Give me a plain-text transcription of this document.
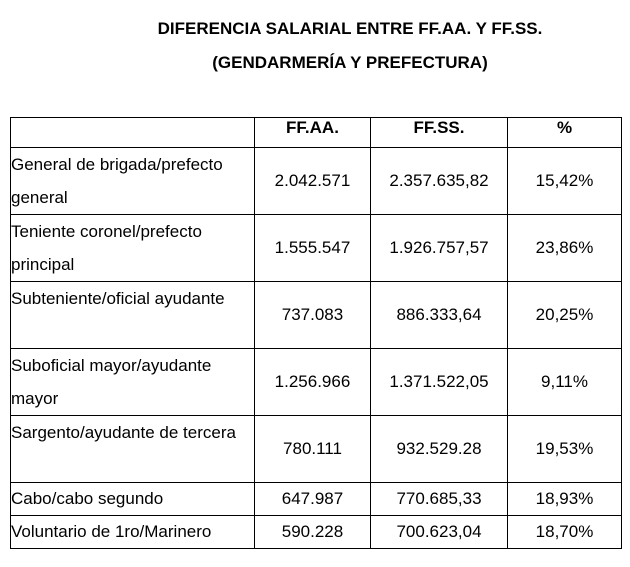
DIFERENCIA SALARIAL ENTRE FF.AA. Y FF.SS.
(GENDARMERÍA Y PREFECTURA)
	FF.AA.	FF.SS.	%
General de brigada/prefecto general	2.042.571	2.357.635,82	15,42%
Teniente coronel/prefecto principal	1.555.547	1.926.757,57	23,86%
Subteniente/oficial ayudante	737.083	886.333,64	20,25%
Suboficial mayor/ayudante mayor	1.256.966	1.371.522,05	9,11%
Sargento/ayudante de tercera	780.111	932.529.28	19,53%
Cabo/cabo segundo	647.987	770.685,33	18,93%
Voluntario de 1ro/Marinero	590.228	700.623,04	18,70%
